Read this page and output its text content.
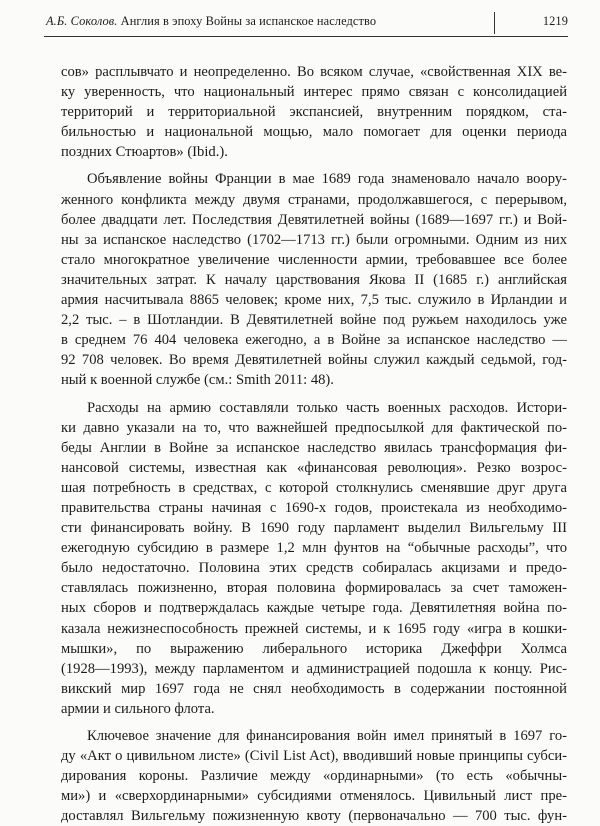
А.Б. Соколов. Англия в эпоху Войны за испанское наследство	1219
сов» расплывчато и неопределенно. Во всяком случае, «свойственная XIX ве-
ку уверенность, что национальный интерес прямо связан с консолидацией
территорий и территориальной экспансией, внутренним порядком, ста-
бильностью и национальной мощью, мало помогает для оценки периода
поздних Стюартов» (Ibid.).
Объявление войны Франции в мае 1689 года знаменовало начало воору-
женного конфликта между двумя странами, продолжавшегося, с перерывом,
более двадцати лет. Последствия Девятилетней войны (1689—1697 гг.) и Вой-
ны за испанское наследство (1702—1713 гг.) были огромными. Одним из них
стало многократное увеличение численности армии, требовавшее все более
значительных затрат. К началу царствования Якова II (1685 г.) английская
армия насчитывала 8865 человек; кроме них, 7,5 тыс. служило в Ирландии и
2,2 тыс. – в Шотландии. В Девятилетней войне под ружьем находилось уже
в среднем 76 404 человека ежегодно, а в Войне за испанское наследство —
92 708 человек. Во время Девятилетней войны служил каждый седьмой, год-
ный к военной службе (см.: Smith 2011: 48).
Расходы на армию составляли только часть военных расходов. Истори-
ки давно указали на то, что важнейшей предпосылкой для фактической по-
беды Англии в Войне за испанское наследство явилась трансформация фи-
нансовой системы, известная как «финансовая революция». Резко возрос-
шая потребность в средствах, с которой столкнулись сменявшие друг друга
правительства страны начиная с 1690-х годов, проистекала из необходимо-
сти финансировать войну. В 1690 году парламент выделил Вильгельму III
ежегодную субсидию в размере 1,2 млн фунтов на “обычные расходы”, что
было недостаточно. Половина этих средств собиралась акцизами и предо-
ставлялась пожизненно, вторая половина формировалась за счет таможен-
ных сборов и подтверждалась каждые четыре года. Девятилетняя война по-
казала нежизнеспособность прежней системы, и к 1695 году «игра в кошки-
мышки», по выражению либерального историка Джеффри Холмса
(1928—1993), между парламентом и администрацией подошла к концу. Рис-
викский мир 1697 года не снял необходимость в содержании постоянной
армии и сильного флота.
Ключевое значение для финансирования войн имел принятый в 1697 го-
ду «Акт о цивильном листе» (Civil List Act), вводивший новые принципы субси-
дирования короны. Различие между «ординарными» (то есть «обычны-
ми») и «сверхординарными» субсидиями отменялось. Цивильный лист пре-
доставлял Вильгельму пожизненную квоту (первоначально — 700 тыс. фун-
